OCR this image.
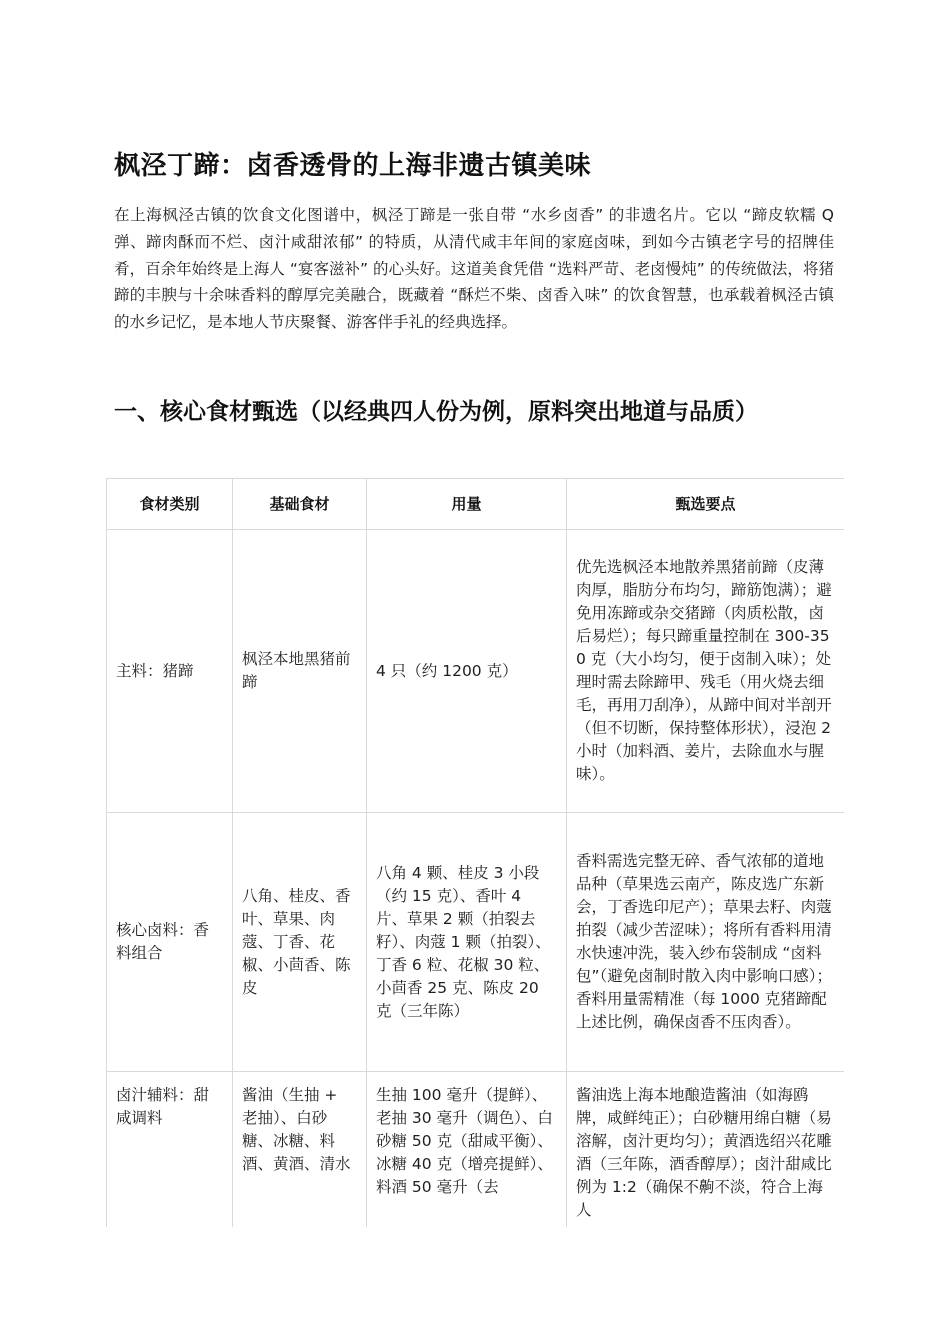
枫泾丁蹄：卤香透骨的上海非遗古镇美味

在上海枫泾古镇的饮食文化图谱中，枫泾丁蹄是一张自带 “水乡卤香” 的非遗名片。它以 “蹄皮软糯 Q 弹、蹄肉酥而不烂、卤汁咸甜浓郁” 的特质，从清代咸丰年间的家庭卤味，到如今古镇老字号的招牌佳肴，百余年始终是上海人 “宴客滋补” 的心头好。这道美食凭借 “选料严苛、老卤慢炖” 的传统做法，将猪蹄的丰腴与十余味香料的醇厚完美融合，既藏着 “酥烂不柴、卤香入味” 的饮食智慧，也承载着枫泾古镇的水乡记忆，是本地人节庆聚餐、游客伴手礼的经典选择。

一、核心食材甄选（以经典四人份为例，原料突出地道与品质）
食材类别	基础食材	用量	甄选要点
主料：猪蹄	枫泾本地黑猪前蹄	4 只（约 1200 克）	优先选枫泾本地散养黑猪前蹄（皮薄肉厚，脂肪分布均匀，蹄筋饱满）；避免用冻蹄或杂交猪蹄（肉质松散，卤后易烂）；每只蹄重量控制在 300-350 克（大小均匀，便于卤制入味）；处理时需去除蹄甲、残毛（用火烧去细毛，再用刀刮净），从蹄中间对半剖开（但不切断，保持整体形状），浸泡 2 小时（加料酒、姜片，去除血水与腥味）。
核心卤料：香料组合	八角、桂皮、香叶、草果、肉蔻、丁香、花椒、小茴香、陈皮	八角 4 颗、桂皮 3 小段（约 15 克）、香叶 4 片、草果 2 颗（拍裂去籽）、肉蔻 1 颗（拍裂）、丁香 6 粒、花椒 30 粒、小茴香 25 克、陈皮 20 克（三年陈）	香料需选完整无碎、香气浓郁的道地品种（草果选云南产，陈皮选广东新会，丁香选印尼产）；草果去籽、肉蔻拍裂（减少苦涩味）；将所有香料用清水快速冲洗，装入纱布袋制成 “卤料包”（避免卤制时散入肉中影响口感）；香料用量需精准（每 1000 克猪蹄配上述比例，确保卤香不压肉香）。
卤汁辅料：甜咸调料	酱油（生抽 + 老抽）、白砂糖、冰糖、料酒、黄酒、清水	生抽 100 毫升（提鲜）、老抽 30 毫升（调色）、白砂糖 50 克（甜咸平衡）、冰糖 40 克（增亮提鲜）、料酒 50 毫升（去	酱油选上海本地酿造酱油（如海鸥牌，咸鲜纯正）；白砂糖用绵白糖（易溶解，卤汁更均匀）；黄酒选绍兴花雕酒（三年陈，酒香醇厚）；卤汁甜咸比例为 1:2（确保不齁不淡，符合上海人
